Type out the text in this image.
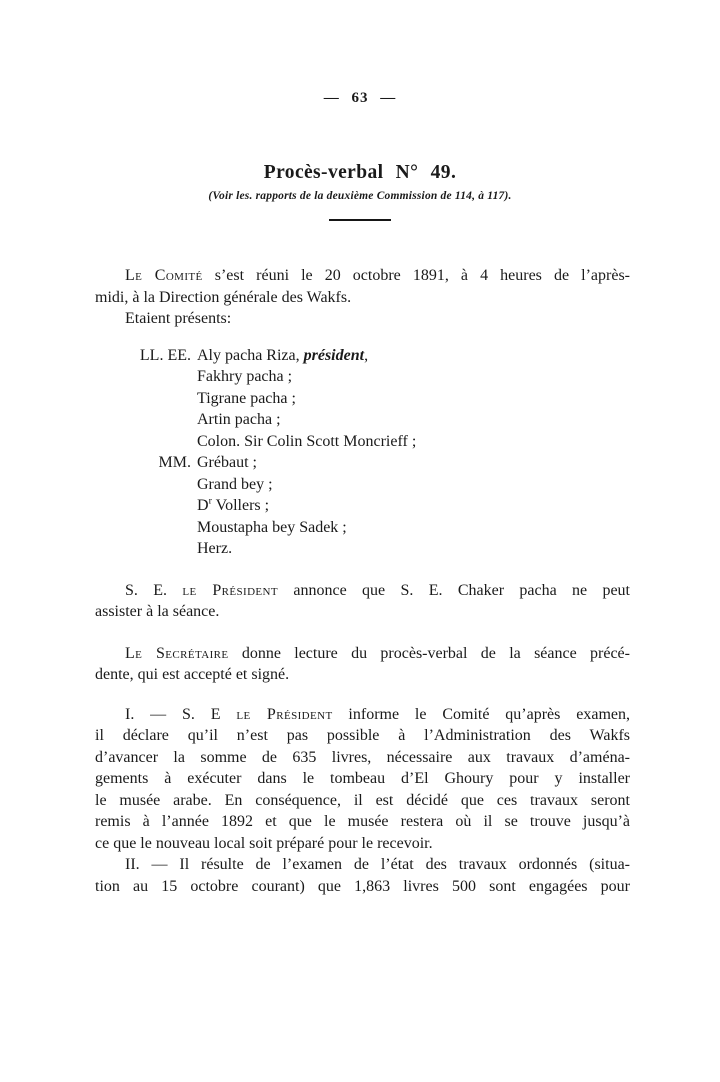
— 63 —
Procès-verbal N° 49.
(Voir les. rapports de la deuxième Commission de 114, à 117).
Le Comité s’est réuni le 20 octobre 1891, à 4 heures de l’après-
midi, à la Direction générale des Wakfs.
Etaient présents:
LL. EE. Aly pacha Riza, président,
Fakhry pacha ;
Tigrane pacha ;
Artin pacha ;
Colon. Sir Colin Scott Moncrieff ;
MM. Grébaut ;
Grand bey ;
$D^r$ Vollers ;
Moustapha bey Sadek ;
Herz.
S. E. le Président annonce que S. E. Chaker pacha ne peut
assister à la séance.
Le Secrétaire donne lecture du procès-verbal de la séance précé-
dente, qui est accepté et signé.
I. — S. E le Président informe le Comité qu’après examen,
il déclare qu’il n’est pas possible à l’Administration des Wakfs
d’avancer la somme de 635 livres, nécessaire aux travaux d’aména-
gements à exécuter dans le tombeau d’El Ghoury pour y installer
le musée arabe. En conséquence, il est décidé que ces travaux seront
remis à l’année 1892 et que le musée restera où il se trouve jusqu’à
ce que le nouveau local soit préparé pour le recevoir.
II. — Il résulte de l’examen de l’état des travaux ordonnés (situa-
tion au 15 octobre courant) que 1,863 livres 500 sont engagées pour
